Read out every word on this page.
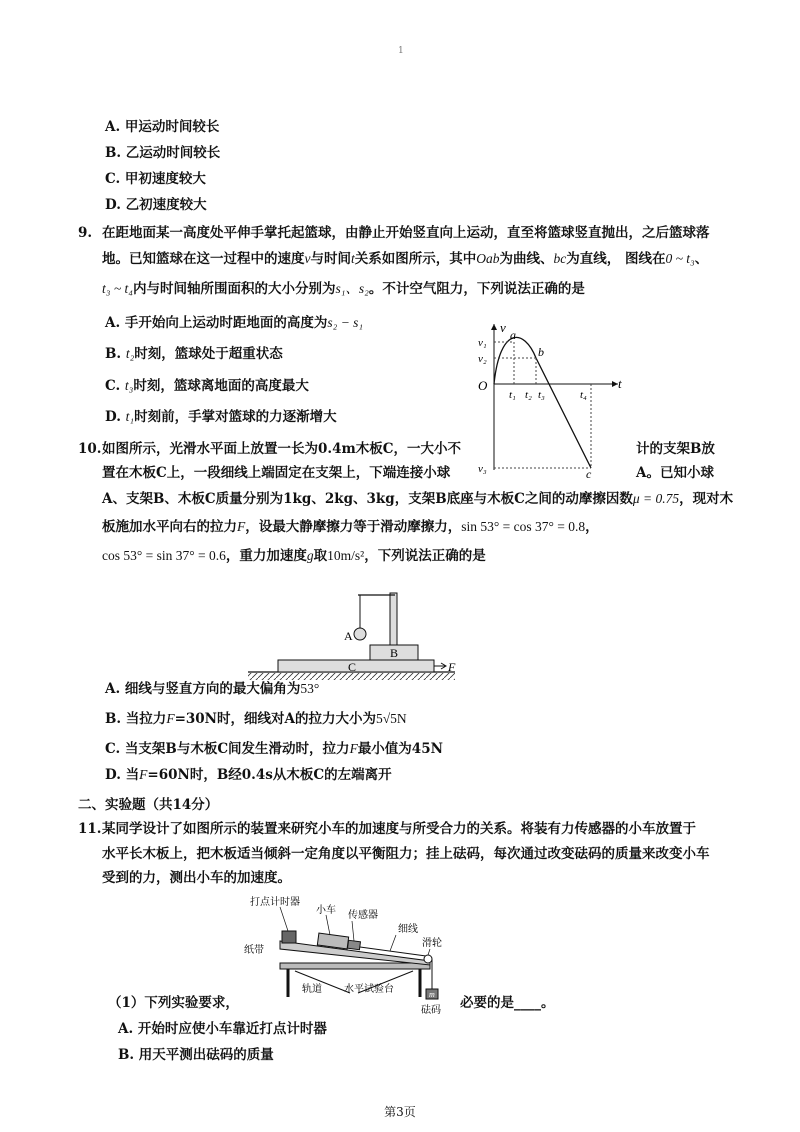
1
A. 甲运动时间较长
B. 乙运动时间较长
C. 甲初速度较大
D. 乙初速度较大
9. 在距地面某一高度处平伸手掌托起篮球，由静止开始竖直向上运动，直至将篮球竖直抛出，之后篮球落
地。已知篮球在这一过程中的速度v与时间t关系如图所示，其中Oab为曲线、bc为直线， 图线在0 ~ t₃、
t₃ ~ t₄内与时间轴所围面积的大小分别为s₁、s₂。不计空气阻力，下列说法正确的是
A. 手开始向上运动时距地面的高度为s₂ − s₁
B. t₂时刻，篮球处于超重状态
C. t₃时刻，篮球离地面的高度最大
D. t₁时刻前，手掌对篮球的力逐渐增大
v
t
O
v₁
v₂
v₃
t₁ t₂ t₃	t₄
a
b
c
10. 如图所示，光滑水平面上放置一长为0.4m木板C，一大小不	计的支架B放
置在木板C上，一段细线上端固定在支架上，下端连接小球	A。已知小球
A、支架B、木板C质量分别为1kg、2kg、3kg，支架B底座与木板C之间的动摩擦因数μ = 0.75，现对木
板施加水平向右的拉力F，设最大静摩擦力等于滑动摩擦力，sin 53° = cos 37° = 0.8，
cos 53° = sin 37° = 0.6，重力加速度g取10m/s²，下列说法正确的是
A
B
C	F
A. 细线与竖直方向的最大偏角为53°
B. 当拉力F=30N时，细线对A的拉力大小为5√5N
C. 当支架B与木板C间发生滑动时，拉力F最小值为45N
D. 当F=60N时，B经0.4s从木板C的左端离开
二、实验题（共14分）
11. 某同学设计了如图所示的装置来研究小车的加速度与所受合力的关系。将装有力传感器的小车放置于
水平长木板上，把木板适当倾斜一定角度以平衡阻力；挂上砝码，每次通过改变砝码的质量来改变小车
受到的力，测出小车的加速度。
m
打点计时器
小车 传感器
细线
滑轮
纸带
轨道 水平试验台
砝码
（1）下列实验要求，	必要的是____。
A. 开始时应使小车靠近打点计时器
B. 用天平测出砝码的质量
第3页
